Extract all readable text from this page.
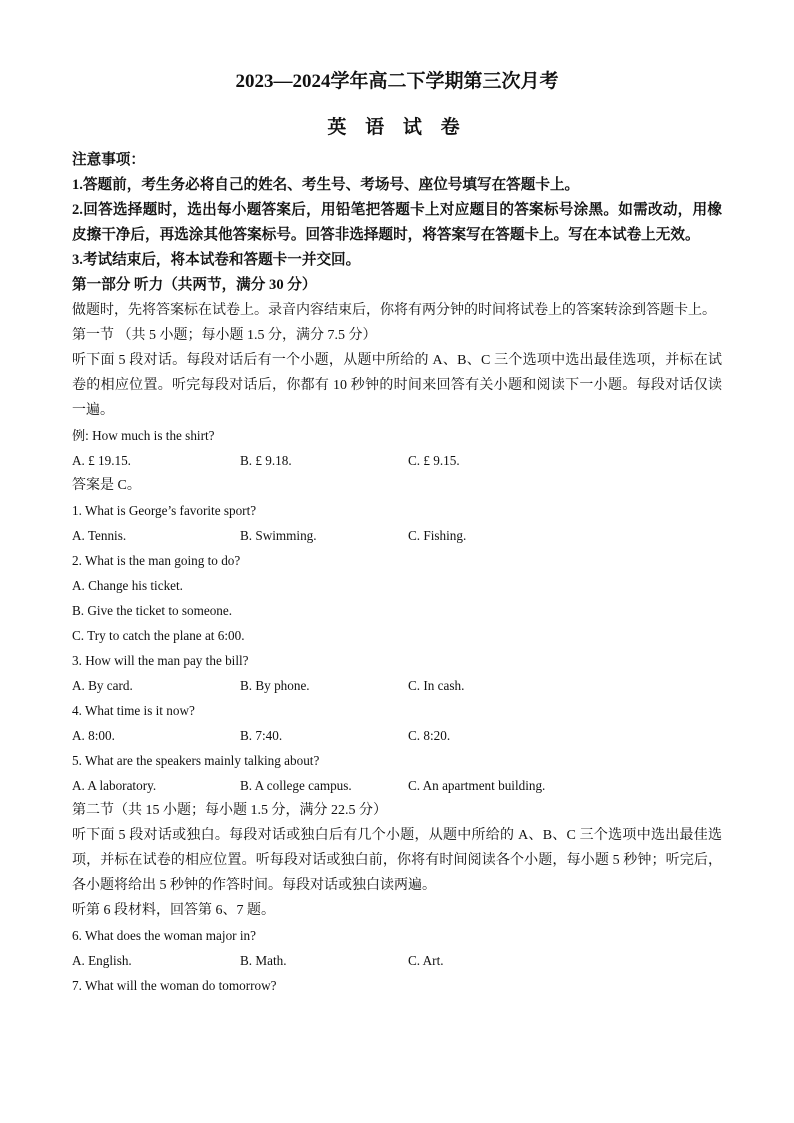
2023—2024学年高二下学期第三次月考
英 语 试 卷
注意事项：

1.答题前，考生务必将自己的姓名、考生号、考场号、座位号填写在答题卡上。

2.回答选择题时，选出每小题答案后，用铅笔把答题卡上对应题目的答案标号涂黑。如需改动，用橡皮擦干净后，再选涂其他答案标号。回答非选择题时，将答案写在答题卡上。写在本试卷上无效。

3.考试结束后，将本试卷和答题卡一并交回。

第一部分 听力（共两节，满分 30 分）

做题时，先将答案标在试卷上。录音内容结束后，你将有两分钟的时间将试卷上的答案转涂到答题卡上。

第一节 （共 5 小题；每小题 1.5 分，满分 7.5 分）

听下面 5 段对话。每段对话后有一个小题，从题中所给的 A、B、C 三个选项中选出最佳选项，并标在试卷的相应位置。听完每段对话后，你都有 10 秒钟的时间来回答有关小题和阅读下一小题。每段对话仅读一遍。

例: How much is the shirt?

A. £ 19.15.	B. £ 9.18.	C. £ 9.15.

答案是 C。

1. What is George’s favorite sport?

A. Tennis.	B. Swimming.	C. Fishing.

2. What is the man going to do?

A. Change his ticket.

B. Give the ticket to someone.

C. Try to catch the plane at 6:00.

3. How will the man pay the bill?

A. By card.	B. By phone.	C. In cash.

4. What time is it now?

A. 8:00.	B. 7:40.	C. 8:20.

5. What are the speakers mainly talking about?

A. A laboratory.	B. A college campus.	C. An apartment building.

第二节（共 15 小题；每小题 1.5 分，满分 22.5 分）

听下面 5 段对话或独白。每段对话或独白后有几个小题，从题中所给的 A、B、C 三个选项中选出最佳选项，并标在试卷的相应位置。听每段对话或独白前，你将有时间阅读各个小题，每小题 5 秒钟；听完后，各小题将给出 5 秒钟的作答时间。每段对话或独白读两遍。

听第 6 段材料，回答第 6、7 题。

6. What does the woman major in?

A. English.	B. Math.	C. Art.

7. What will the woman do tomorrow?
